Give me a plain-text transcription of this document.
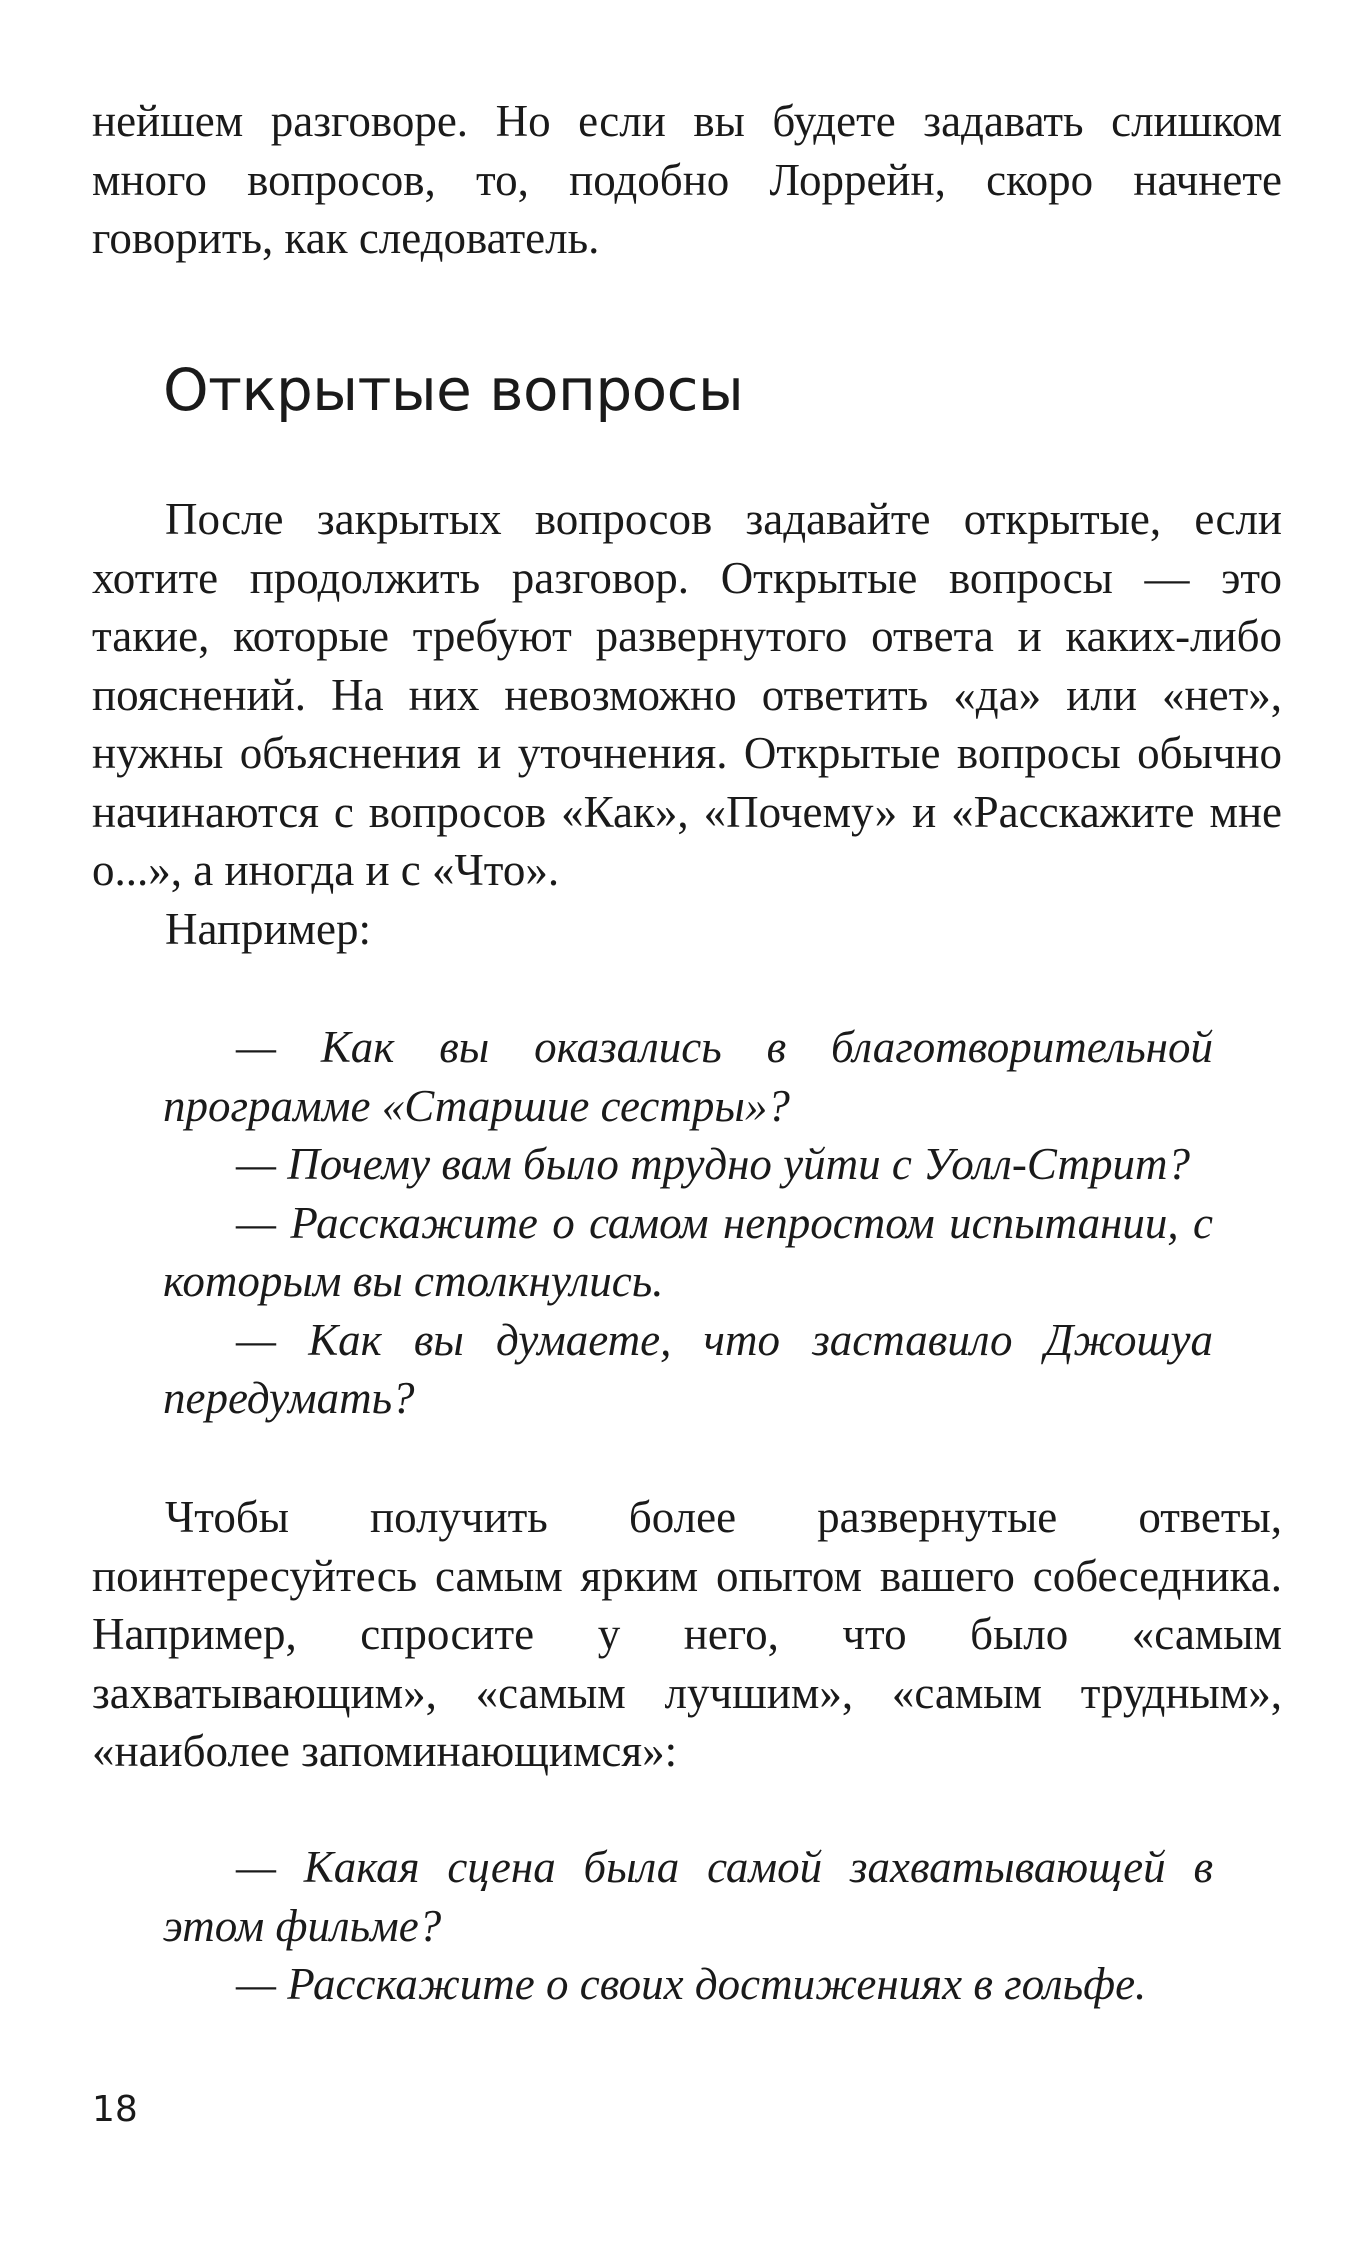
нейшем разговоре. Но если вы будете задавать слишком много вопросов, то, подобно Лоррейн, скоро начнете говорить, как следователь.

Открытые вопросы

После закрытых вопросов задавайте открытые, если хотите продолжить разговор. Открытые вопросы — это такие, которые требуют развернутого ответа и каких-либо пояснений. На них невозможно ответить «да» или «нет», нужны объяснения и уточнения. Открытые вопросы обычно начинаются с вопросов «Как», «Почему» и «Расскажите мне о...», а иногда и с «Что».

Например:

— Как вы оказались в благотворительной программе «Старшие сестры»?
— Почему вам было трудно уйти с Уолл-Стрит?
— Расскажите о самом непростом испытании, с которым вы столкнулись.
— Как вы думаете, что заставило Джошуа передумать?

Чтобы получить более развернутые ответы, поинтересуйтесь самым ярким опытом вашего собеседника. Например, спросите у него, что было «самым захватывающим», «самым лучшим», «самым трудным», «наиболее запоминающимся»:

— Какая сцена была самой захватывающей в этом фильме?
— Расскажите о своих достижениях в гольфе.
18
